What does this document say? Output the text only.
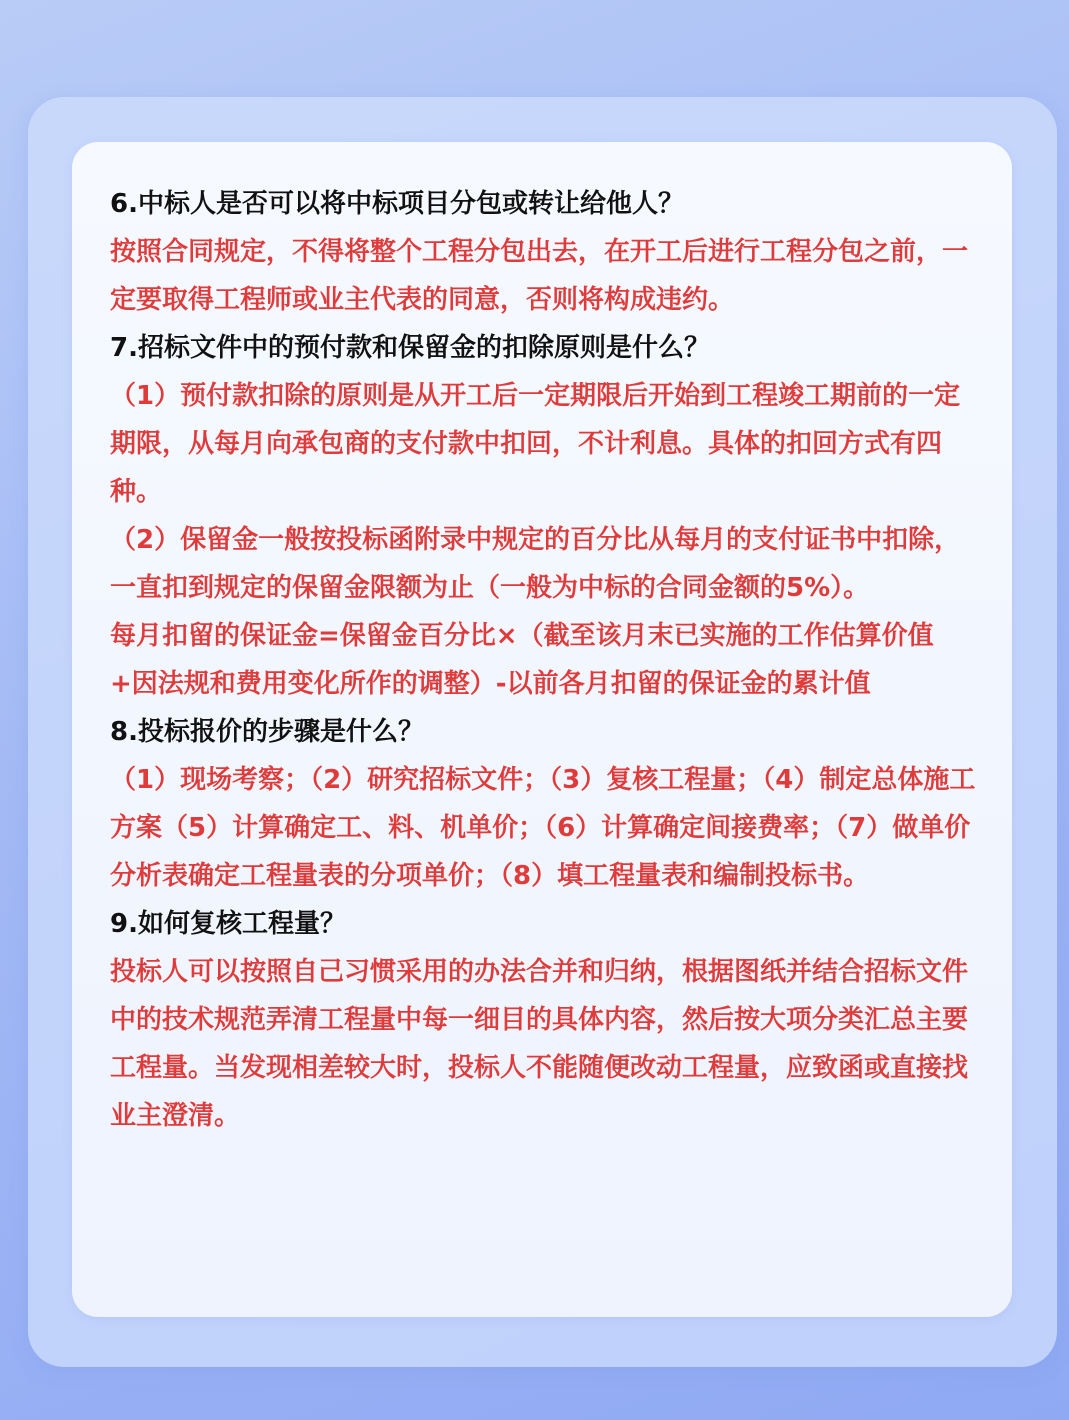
6.中标人是否可以将中标项目分包或转让给他人？

按照合同规定，不得将整个工程分包出去，在开工后进行工程分包之前，一定要取得工程师或业主代表的同意，否则将构成违约。

7.招标文件中的预付款和保留金的扣除原则是什么？

（1）预付款扣除的原则是从开工后一定期限后开始到工程竣工期前的一定期限，从每月向承包商的支付款中扣回，不计利息。具体的扣回方式有四种。

（2）保留金一般按投标函附录中规定的百分比从每月的支付证书中扣除，一直扣到规定的保留金限额为止（一般为中标的合同金额的5%）。

每月扣留的保证金=保留金百分比×（截至该月末已实施的工作估算价值+因法规和费用变化所作的调整）-以前各月扣留的保证金的累计值

8.投标报价的步骤是什么？

（1）现场考察；（2）研究招标文件；（3）复核工程量；（4）制定总体施工方案（5）计算确定工、料、机单价；（6）计算确定间接费率；（7）做单价分析表确定工程量表的分项单价；（8）填工程量表和编制投标书。

9.如何复核工程量？

投标人可以按照自己习惯采用的办法合并和归纳，根据图纸并结合招标文件中的技术规范弄清工程量中每一细目的具体内容，然后按大项分类汇总主要工程量。当发现相差较大时，投标人不能随便改动工程量，应致函或直接找业主澄清。
